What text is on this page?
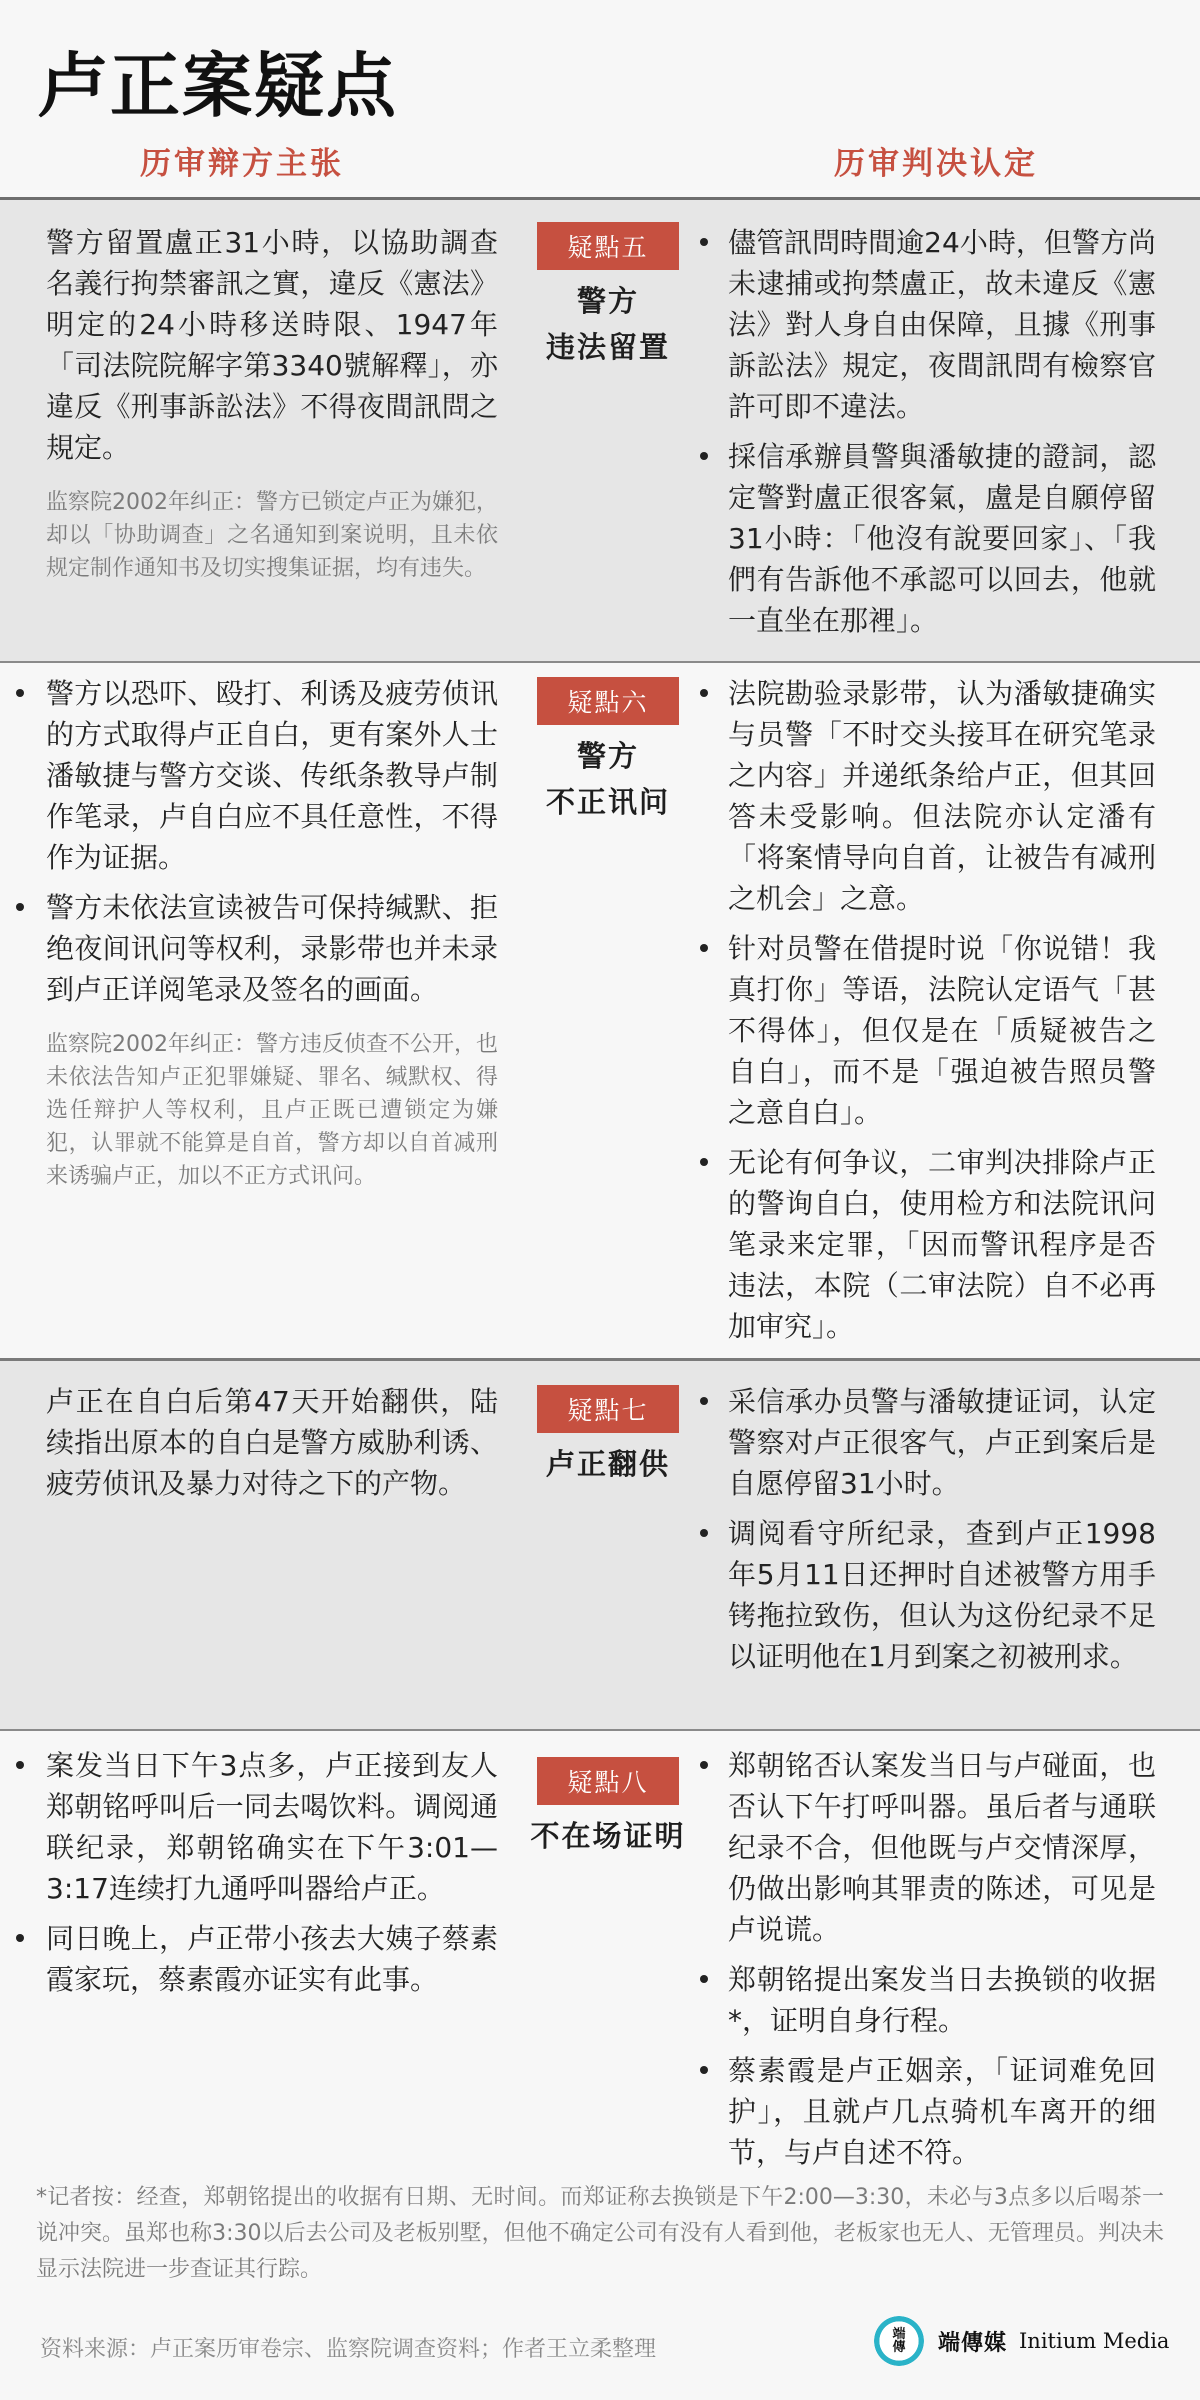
卢正案疑点
历审辩方主张	历审判决认定
警方留置盧正31小時，以協助調查名義行拘禁審訊之實，違反《憲法》明定的24小時移送時限、1947年「司法院院解字第3340號解釋」，亦違反《刑事訴訟法》不得夜間訊問之規定。
监察院2002年纠正：警方已锁定卢正为嫌犯，却以「协助调查」之名通知到案说明，且未依规定制作通知书及切实搜集证据，均有违失。
疑點五
警方
违法留置
儘管訊問時間逾24小時，但警方尚未逮捕或拘禁盧正，故未違反《憲法》對人身自由保障，且據《刑事訴訟法》規定，夜間訊問有檢察官許可即不違法。
採信承辦員警與潘敏捷的證詞，認定警對盧正很客氣，盧是自願停留31小時：「他沒有說要回家」、「我們有告訴他不承認可以回去，他就一直坐在那裡」。
警方以恐吓、殴打、利诱及疲劳侦讯的方式取得卢正自白，更有案外人士潘敏捷与警方交谈、传纸条教导卢制作笔录，卢自白应不具任意性，不得作为证据。
警方未依法宣读被告可保持缄默、拒绝夜间讯问等权利，录影带也并未录到卢正详阅笔录及签名的画面。
监察院2002年纠正：警方违反侦查不公开，也未依法告知卢正犯罪嫌疑、罪名、缄默权、得选任辩护人等权利，且卢正既已遭锁定为嫌犯，认罪就不能算是自首，警方却以自首减刑来诱骗卢正，加以不正方式讯问。
疑點六
警方
不正讯问
法院勘验录影带，认为潘敏捷确实与员警「不时交头接耳在研究笔录之内容」并递纸条给卢正，但其回答未受影响。但法院亦认定潘有「将案情导向自首，让被告有减刑之机会」之意。
针对员警在借提时说「你说错！我真打你」等语，法院认定语气「甚不得体」，但仅是在「质疑被告之自白」，而不是「强迫被告照员警之意自白」。
无论有何争议，二审判决排除卢正的警询自白，使用检方和法院讯问笔录来定罪，「因而警讯程序是否违法，本院（二审法院）自不必再加审究」。
卢正在自白后第47天开始翻供，陆续指出原本的自白是警方威胁利诱、疲劳侦讯及暴力对待之下的产物。
疑點七
卢正翻供
采信承办员警与潘敏捷证词，认定警察对卢正很客气，卢正到案后是自愿停留31小时。
调阅看守所纪录，查到卢正1998年5月11日还押时自述被警方用手铐拖拉致伤，但认为这份纪录不足以证明他在1月到案之初被刑求。
案发当日下午3点多，卢正接到友人郑朝铭呼叫后一同去喝饮料。调阅通联纪录，郑朝铭确实在下午3:01—3:17连续打九通呼叫器给卢正。
同日晚上，卢正带小孩去大姨子蔡素霞家玩，蔡素霞亦证实有此事。
疑點八
不在场证明
郑朝铭否认案发当日与卢碰面，也否认下午打呼叫器。虽后者与通联纪录不合，但他既与卢交情深厚，仍做出影响其罪责的陈述，可见是卢说谎。
郑朝铭提出案发当日去换锁的收据*，证明自身行程。
蔡素霞是卢正姻亲，「证词难免回护」，且就卢几点骑机车离开的细节，与卢自述不符。
*记者按：经查，郑朝铭提出的收据有日期、无时间。而郑证称去换锁是下午2:00—3:30，未必与3点多以后喝茶一说冲突。虽郑也称3:30以后去公司及老板别墅，但他不确定公司有没有人看到他，老板家也无人、无管理员。判决未显示法院进一步查证其行踪。
资料来源：卢正案历审卷宗、监察院调查资料；作者王立柔整理
端
傳 端傳媒 Initium Media
